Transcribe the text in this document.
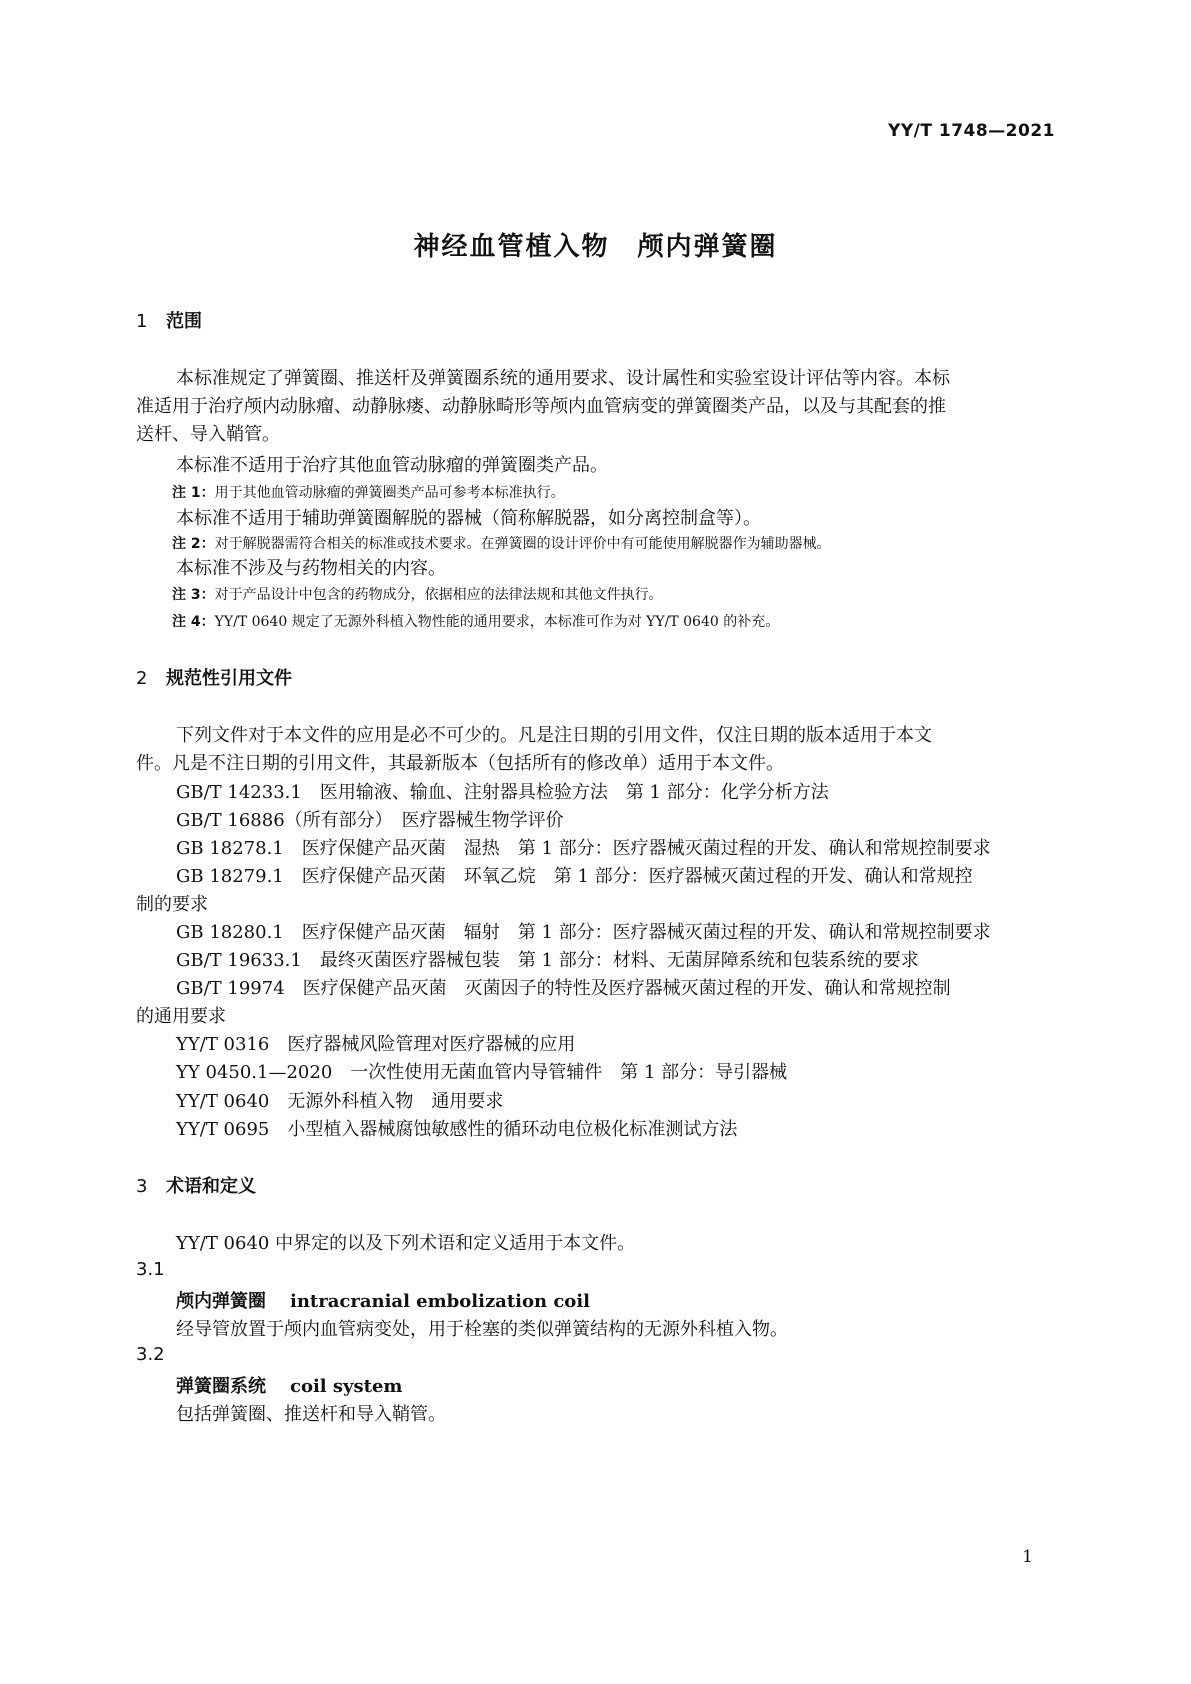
YY/T 1748—2021
神经血管植入物　颅内弹簧圈
1 范围
本标准规定了弹簧圈、推送杆及弹簧圈系统的通用要求、设计属性和实验室设计评估等内容。本标
准适用于治疗颅内动脉瘤、动静脉瘘、动静脉畸形等颅内血管病变的弹簧圈类产品，以及与其配套的推
送杆、导入鞘管。
本标准不适用于治疗其他血管动脉瘤的弹簧圈类产品。
注 1：用于其他血管动脉瘤的弹簧圈类产品可参考本标准执行。
本标准不适用于辅助弹簧圈解脱的器械（简称解脱器，如分离控制盒等）。
注 2：对于解脱器需符合相关的标准或技术要求。在弹簧圈的设计评价中有可能使用解脱器作为辅助器械。
本标准不涉及与药物相关的内容。
注 3：对于产品设计中包含的药物成分，依据相应的法律法规和其他文件执行。
注 4：YY/T 0640 规定了无源外科植入物性能的通用要求，本标准可作为对 YY/T 0640 的补充。
2 规范性引用文件
下列文件对于本文件的应用是必不可少的。凡是注日期的引用文件，仅注日期的版本适用于本文
件。凡是不注日期的引用文件，其最新版本（包括所有的修改单）适用于本文件。
GB/T 14233.1　医用输液、输血、注射器具检验方法　第 1 部分：化学分析方法
GB/T 16886（所有部分）　医疗器械生物学评价
GB 18278.1　医疗保健产品灭菌　湿热　第 1 部分：医疗器械灭菌过程的开发、确认和常规控制要求
GB 18279.1　医疗保健产品灭菌　环氧乙烷　第 1 部分：医疗器械灭菌过程的开发、确认和常规控
制的要求
GB 18280.1　医疗保健产品灭菌　辐射　第 1 部分：医疗器械灭菌过程的开发、确认和常规控制要求
GB/T 19633.1　最终灭菌医疗器械包装　第 1 部分：材料、无菌屏障系统和包装系统的要求
GB/T 19974　医疗保健产品灭菌　灭菌因子的特性及医疗器械灭菌过程的开发、确认和常规控制
的通用要求
YY/T 0316　医疗器械风险管理对医疗器械的应用
YY 0450.1—2020　一次性使用无菌血管内导管辅件　第 1 部分：导引器械
YY/T 0640　无源外科植入物　通用要求
YY/T 0695　小型植入器械腐蚀敏感性的循环动电位极化标准测试方法
3 术语和定义
YY/T 0640 中界定的以及下列术语和定义适用于本文件。
3.1
颅内弹簧圈 intracranial embolization coil
经导管放置于颅内血管病变处，用于栓塞的类似弹簧结构的无源外科植入物。
3.2
弹簧圈系统 coil system
包括弹簧圈、推送杆和导入鞘管。
1
